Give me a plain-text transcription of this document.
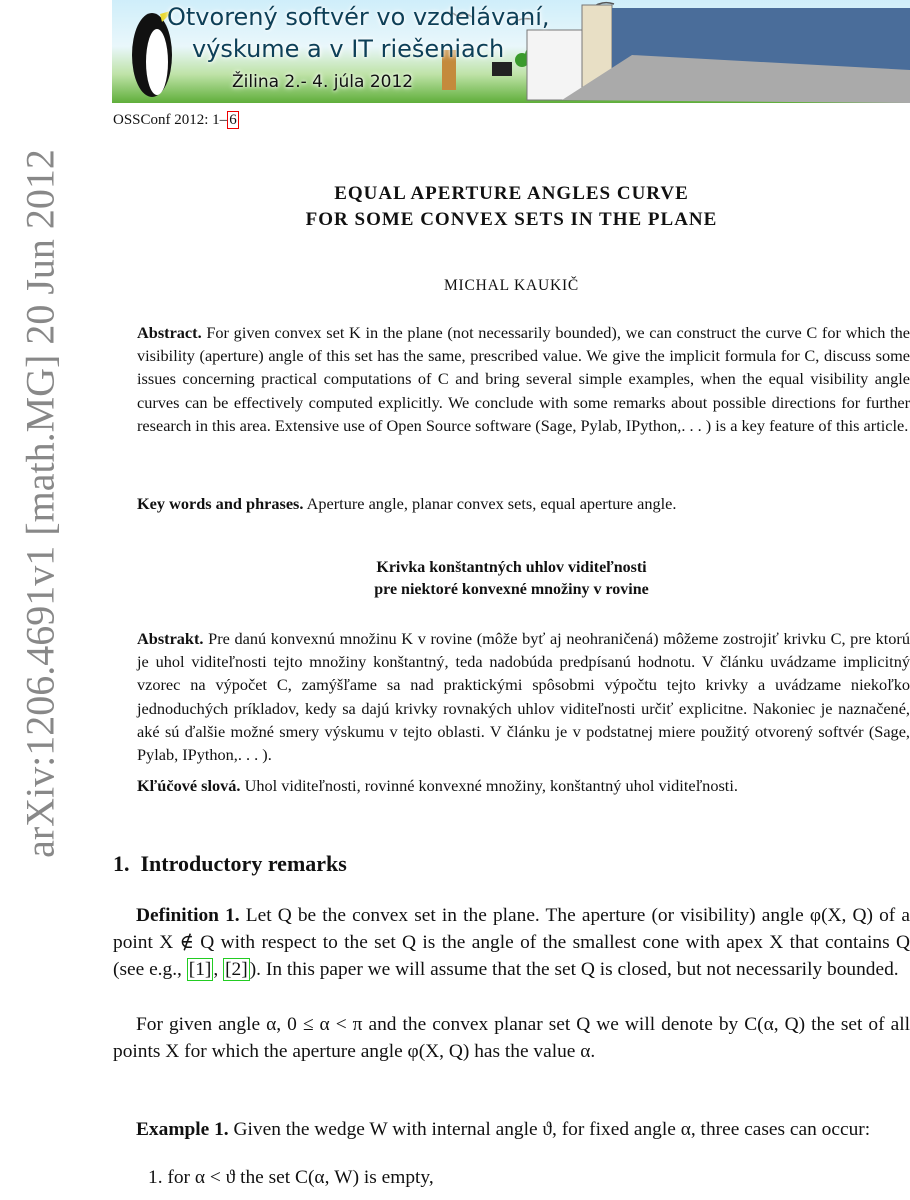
Otvorený softvér vo vzdelávaní,
výskume a v IT riešeniach
Žilina 2.- 4. júla 2012
arXiv:1206.4691v1 [math.MG] 20 Jun 2012
OSSConf 2012: 1– 6
EQUAL APERTURE ANGLES CURVE
FOR SOME CONVEX SETS IN THE PLANE
MICHAL KAUKIČ
Abstract. For given convex set K in the plane (not necessarily bounded), we can construct the curve C for which the visibility (aperture) angle of this set has the same, prescribed value. We give the implicit formula for C, discuss some issues concerning practical computations of C and bring several simple examples, when the equal visibility angle curves can be effectively computed explicitly. We conclude with some remarks about possible directions for further research in this area. Extensive use of Open Source software (Sage, Pylab, IPython,. . . ) is a key feature of this article.
Key words and phrases. Aperture angle, planar convex sets, equal aperture angle.
Krivka konštantných uhlov viditeľnosti
pre niektoré konvexné množiny v rovine
Abstrakt. Pre danú konvexnú množinu K v rovine (môže byť aj neohraničená) môžeme zostrojiť krivku C, pre ktorú je uhol viditeľnosti tejto množiny konštantný, teda nadobúda predpísanú hodnotu. V článku uvádzame implicitný vzorec na výpočet C, zamýšľame sa nad praktickými spôsobmi výpočtu tejto krivky a uvádzame niekoľko jednoduchých príkladov, kedy sa dajú krivky rovnakých uhlov viditeľnosti určiť explicitne. Nakoniec je naznačené, aké sú ďalšie možné smery výskumu v tejto oblasti. V článku je v podstatnej miere použitý otvorený softvér (Sage, Pylab, IPython,. . . ).
Kľúčové slová. Uhol viditeľnosti, rovinné konvexné množiny, konštantný uhol viditeľnosti.
1. Introductory remarks

Definition 1. Let Q be the convex set in the plane. The aperture (or visibility) angle φ(X, Q) of a point X ∉ Q with respect to the set Q is the angle of the smallest cone with apex X that contains Q (see e.g., [1] , [2] ). In this paper we will assume that the set Q is closed, but not necessarily bounded.

For given angle α, 0 ≤ α < π and the convex planar set Q we will denote by C(α, Q) the set of all points X for which the aperture angle φ(X, Q) has the value α.

Example 1. Given the wedge W with internal angle ϑ, for fixed angle α, three cases can occur:

1. for α < ϑ the set C(α, W) is empty,
